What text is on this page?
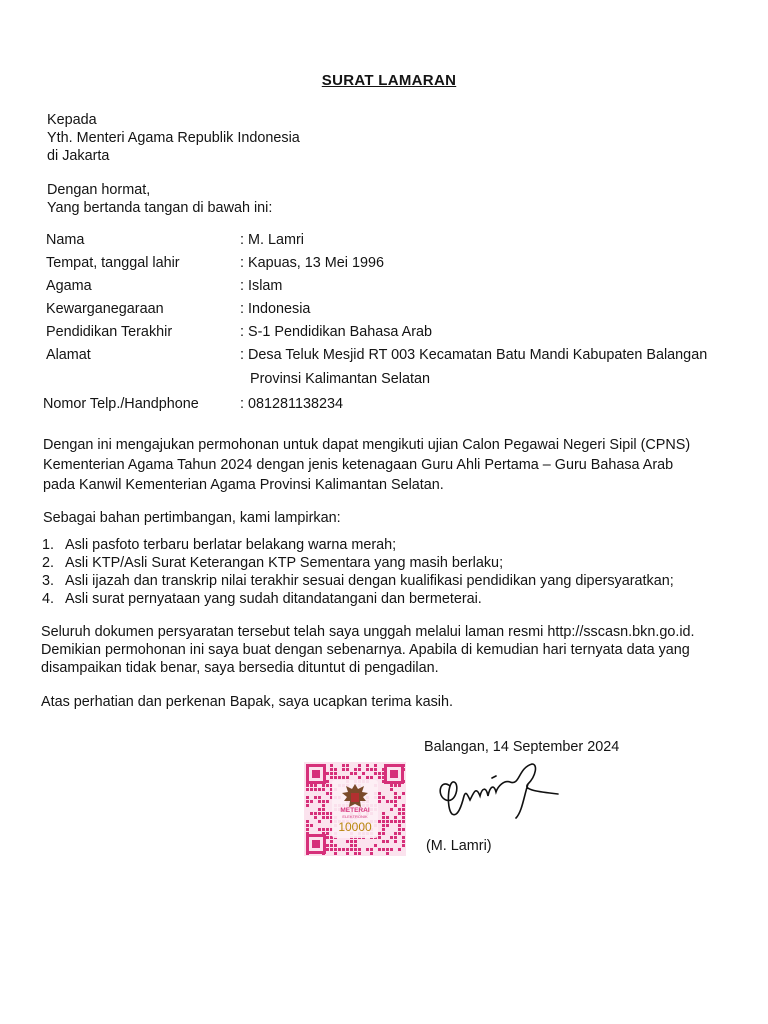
SURAT LAMARAN
Kepada
Yth. Menteri Agama Republik Indonesia
di Jakarta
Dengan hormat,
Yang bertanda tangan di bawah ini:
Nama	: M. Lamri
Tempat, tanggal lahir	: Kapuas, 13 Mei 1996
Agama	: Islam
Kewarganegaraan	: Indonesia
Pendidikan Terakhir	: S-1 Pendidikan Bahasa Arab
Alamat	: Desa Teluk Mesjid RT 003 Kecamatan Batu Mandi Kabupaten Balangan
Provinsi Kalimantan Selatan
Nomor Telp./Handphone	: 081281138234
Dengan ini mengajukan permohonan untuk dapat mengikuti ujian Calon Pegawai Negeri Sipil (CPNS)
Kementerian Agama Tahun 2024 dengan jenis ketenagaan Guru Ahli Pertama – Guru Bahasa Arab
pada Kanwil Kementerian Agama Provinsi Kalimantan Selatan.
Sebagai bahan pertimbangan, kami lampirkan:
1. Asli pasfoto terbaru berlatar belakang warna merah;
2. Asli KTP/Asli Surat Keterangan KTP Sementara yang masih berlaku;
3. Asli ijazah dan transkrip nilai terakhir sesuai dengan kualifikasi pendidikan yang dipersyaratkan;
4. Asli surat pernyataan yang sudah ditandatangani dan bermeterai.
Seluruh dokumen persyaratan tersebut telah saya unggah melalui laman resmi http://sscasn.bkn.go.id.
Demikian permohonan ini saya buat dengan sebenarnya. Apabila di kemudian hari ternyata data yang
disampaikan tidak benar, saya bersedia dituntut di pengadilan.
Atas perhatian dan perkenan Bapak, saya ucapkan terima kasih.
Balangan, 14 September 2024
METERAI
ELEKTRONIK
10000
(M. Lamri)
